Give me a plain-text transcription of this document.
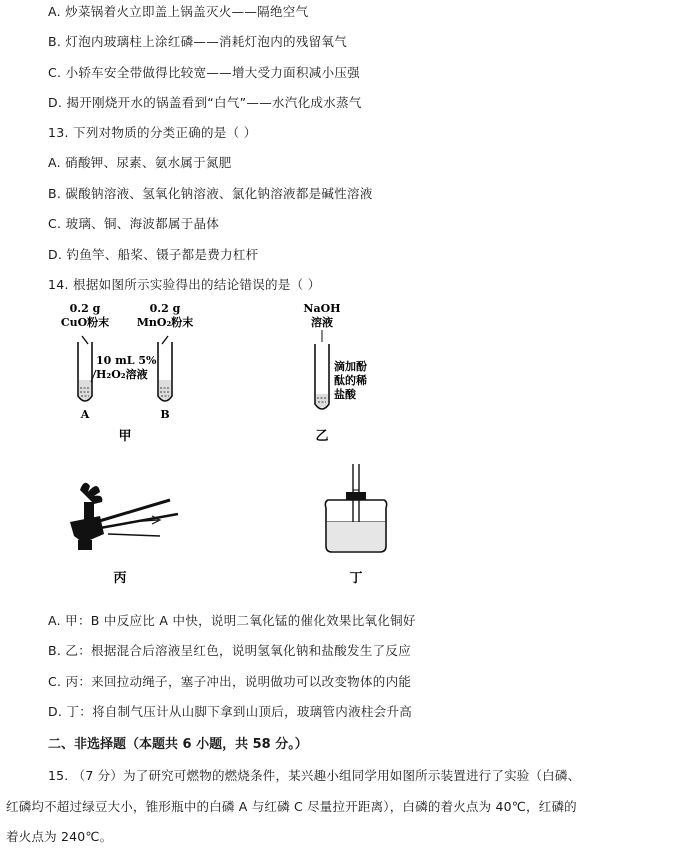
A. 炒菜锅着火立即盖上锅盖灭火——隔绝空气
B. 灯泡内玻璃柱上涂红磷——消耗灯泡内的残留氧气
C. 小轿车安全带做得比较宽——增大受力面积减小压强
D. 揭开刚烧开水的锅盖看到“白气”——水汽化成水蒸气
13. 下列对物质的分类正确的是（ ）
A. 硝酸钾、尿素、氨水属于氮肥
B. 碳酸钠溶液、氢氧化钠溶液、氯化钠溶液都是碱性溶液
C. 玻璃、铜、海波都属于晶体
D. 钓鱼竿、船桨、镊子都是费力杠杆
14. 根据如图所示实验得出的结论错误的是（ ）
0.2 g
CuO粉末
0.2 g
MnO₂粉末
10 mL 5%
H₂O₂溶液
A	B
甲
NaOH
溶液
滴加酚
酞的稀
盐酸
乙
丙	丁
A. 甲：B 中反应比 A 中快，说明二氧化锰的催化效果比氧化铜好
B. 乙：根据混合后溶液呈红色，说明氢氧化钠和盐酸发生了反应
C. 丙：来回拉动绳子，塞子冲出，说明做功可以改变物体的内能
D. 丁：将自制气压计从山脚下拿到山顶后，玻璃管内液柱会升高
二、非选择题（本题共 6 小题，共 58 分。）
15. （7 分）为了研究可燃物的燃烧条件，某兴趣小组同学用如图所示装置进行了实验（白磷、
红磷均不超过绿豆大小，锥形瓶中的白磷 A 与红磷 C 尽量拉开距离），白磷的着火点为 40℃，红磷的
着火点为 240℃。
